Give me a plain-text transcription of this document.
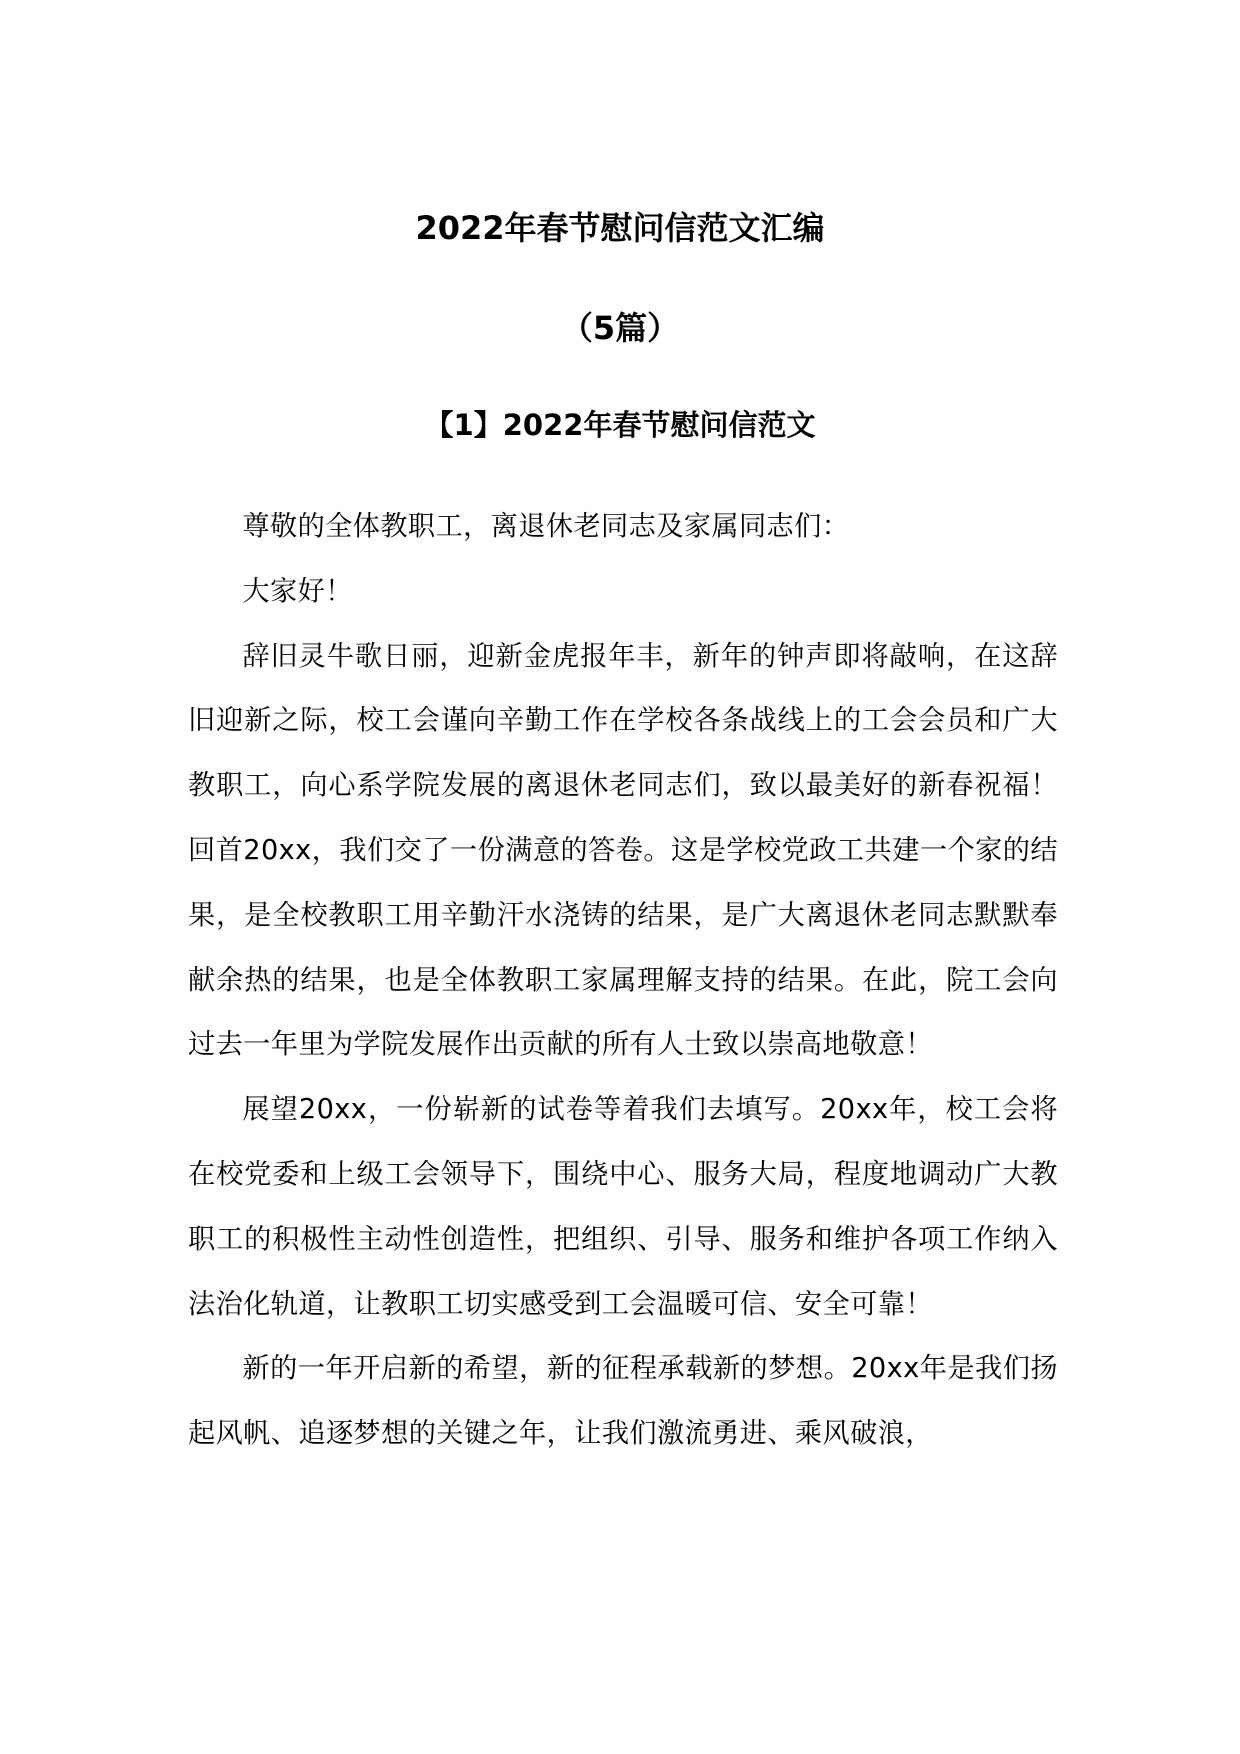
2022年春节慰问信范文汇编
（5篇）
【1】2022年春节慰问信范文

尊敬的全体教职工，离退休老同志及家属同志们：

大家好！

辞旧灵牛歌日丽，迎新金虎报年丰，新年的钟声即将敲响，在这辞旧迎新之际，校工会谨向辛勤工作在学校各条战线上的工会会员和广大教职工，向心系学院发展的离退休老同志们，致以最美好的新春祝福！回首20xx，我们交了一份满意的答卷。这是学校党政工共建一个家的结果，是全校教职工用辛勤汗水浇铸的结果，是广大离退休老同志默默奉献余热的结果，也是全体教职工家属理解支持的结果。在此，院工会向过去一年里为学院发展作出贡献的所有人士致以崇高地敬意！

展望20xx，一份崭新的试卷等着我们去填写。20xx年，校工会将在校党委和上级工会领导下，围绕中心、服务大局，程度地调动广大教职工的积极性主动性创造性，把组织、引导、服务和维护各项工作纳入法治化轨道，让教职工切实感受到工会温暖可信、安全可靠！

新的一年开启新的希望，新的征程承载新的梦想。20xx年是我们扬起风帆、追逐梦想的关键之年，让我们激流勇进、乘风破浪，
